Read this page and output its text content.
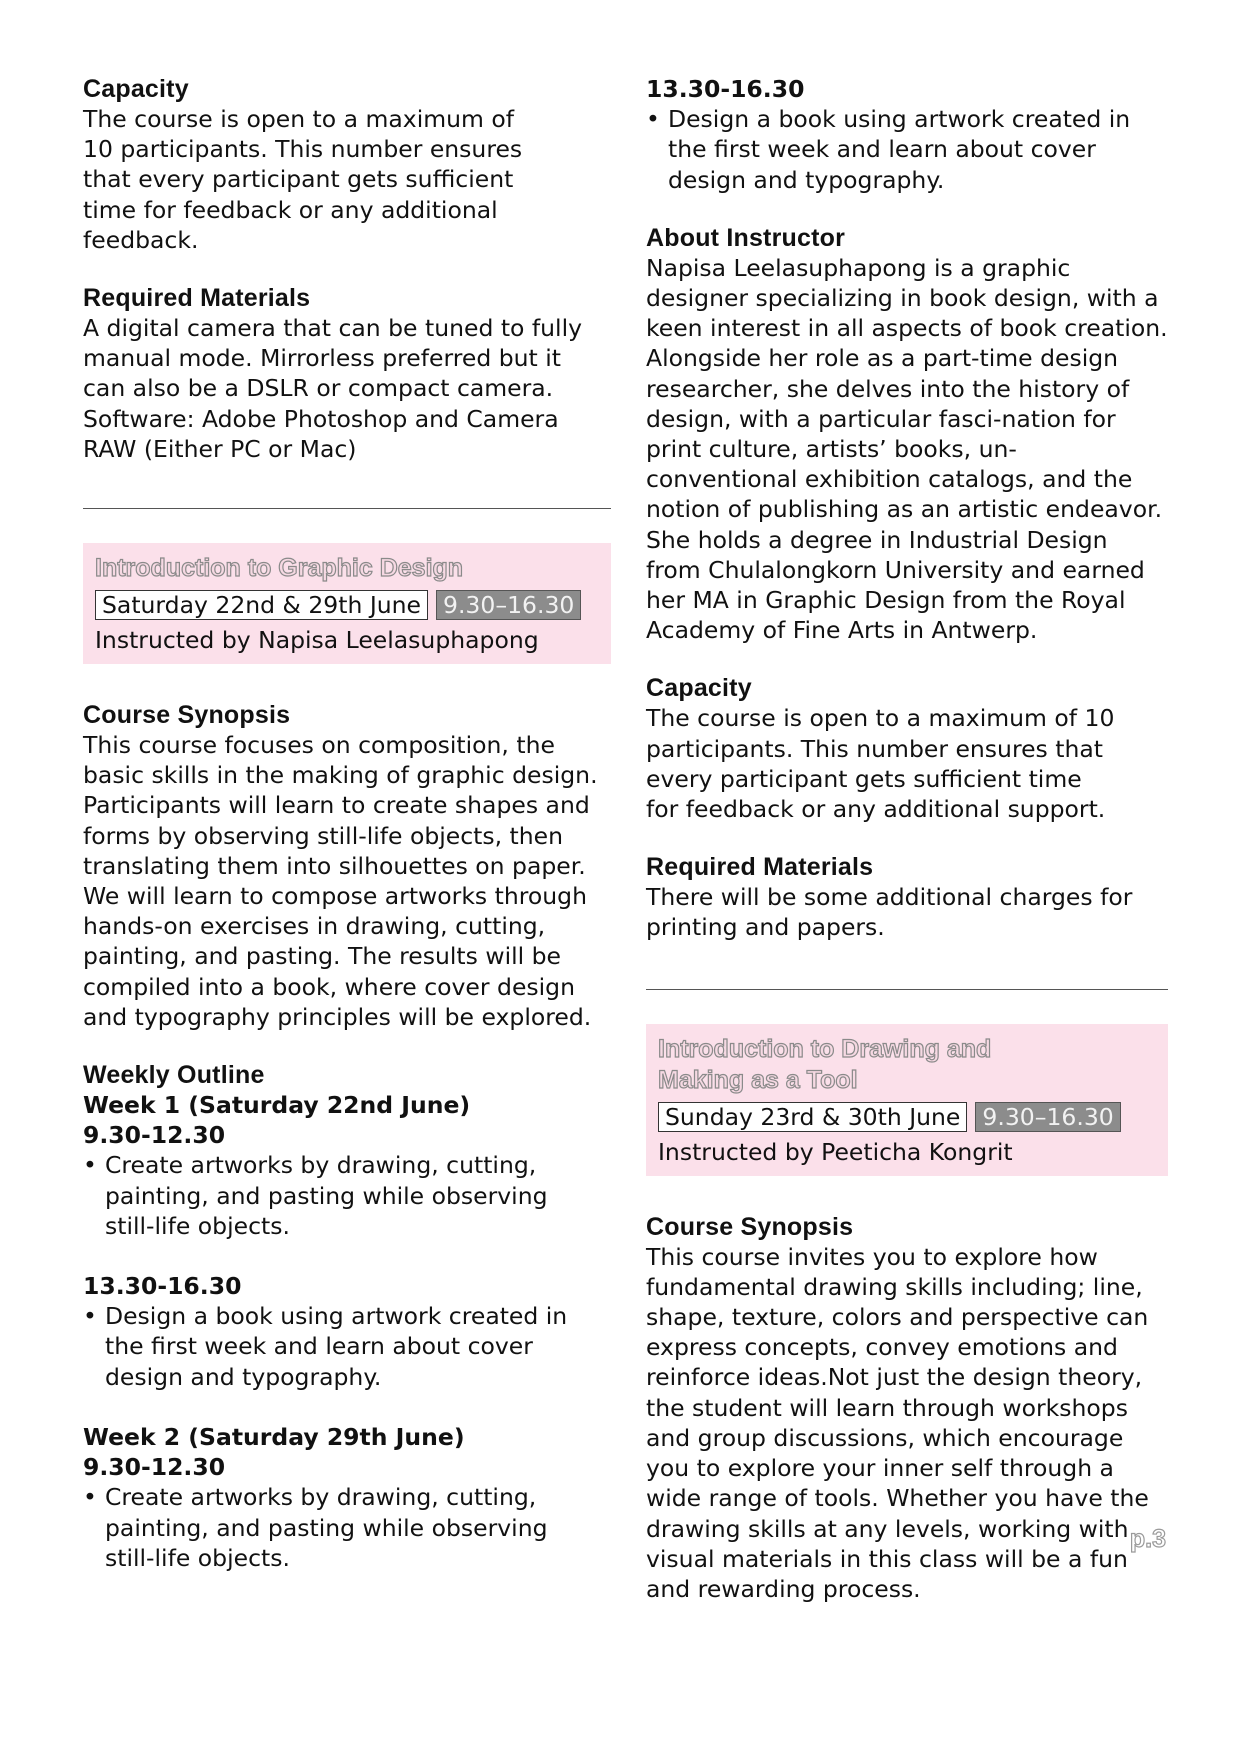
Capacity

The course is open to a maximum of 10 participants. This number ensures that every participant gets sufficient time for feedback or any additional feedback.

Required Materials

A digital camera that can be tuned to fully manual mode. Mirrorless preferred but it can also be a DSLR or compact camera. Software: Adobe Photoshop and Camera RAW (Either PC or Mac)

Introduction to Graphic Design

Saturday 22nd & 29th June 9.30–16.30

Instructed by Napisa Leelasuphapong

Course Synopsis

This course focuses on composition, the basic skills in the making of graphic design. Participants will learn to create shapes and forms by observing still-life objects, then translating them into silhouettes on paper. We will learn to compose artworks through hands-on exercises in drawing, cutting, painting, and pasting. The results will be compiled into a book, where cover design and typography principles will be explored.

Weekly Outline

Week 1 (Saturday 22nd June)

9.30-12.30

• Create artworks by drawing, cutting, painting, and pasting while observing still-life objects.

13.30-16.30

• Design a book using artwork created in the first week and learn about cover design and typography.

Week 2 (Saturday 29th June)

9.30-12.30

• Create artworks by drawing, cutting, painting, and pasting while observing still-life objects.

13.30-16.30

• Design a book using artwork created in the first week and learn about cover design and typography.

About Instructor

Napisa Leelasuphapong is a graphic designer specializing in book design, with a keen interest in all aspects of book creation. Alongside her role as a part-time design researcher, she delves into the history of design, with a particular fasci-nation for print culture, artists’ books, un-conventional exhibition catalogs, and the notion of publishing as an artistic endeavor. She holds a degree in Industrial Design from Chulalongkorn University and earned her MA in Graphic Design from the Royal Academy of Fine Arts in Antwerp.

Capacity

The course is open to a maximum of 10 participants. This number ensures that every participant gets sufficient time for feedback or any additional support.

Required Materials

There will be some additional charges for printing and papers.

Introduction to Drawing and Making as a Tool

Sunday 23rd & 30th June 9.30–16.30

Instructed by Peeticha Kongrit

Course Synopsis

This course invites you to explore how fundamental drawing skills including; line, shape, texture, colors and perspective can express concepts, convey emotions and reinforce ideas.Not just the design theory, the student will learn through workshops and group discussions, which encourage you to explore your inner self through a wide range of tools. Whether you have the drawing skills at any levels, working with visual materials in this class will be a fun and rewarding process.

p.3
